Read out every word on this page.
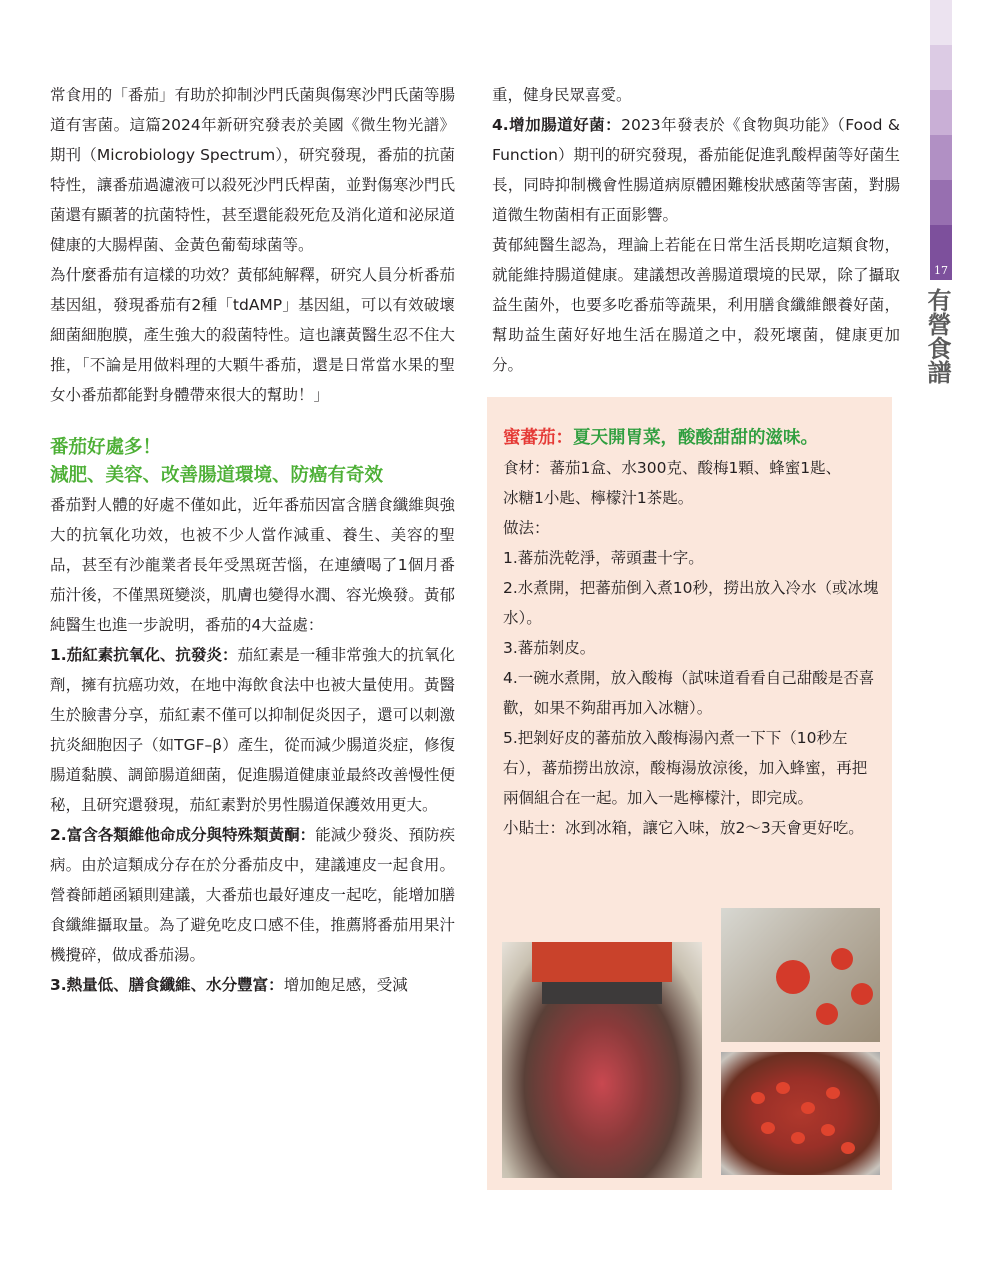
常食用的「番茄」有助於抑制沙門氏菌與傷寒沙門氏菌等腸道有害菌。這篇2024年新研究發表於美國《微生物光譜》期刊（Microbiology Spectrum），研究發現，番茄的抗菌特性，讓番茄過濾液可以殺死沙門氏桿菌，並對傷寒沙門氏菌還有顯著的抗菌特性，甚至還能殺死危及消化道和泌尿道健康的大腸桿菌、金黃色葡萄球菌等。

為什麼番茄有這樣的功效？黃郁純解釋，研究人員分析番茄基因組，發現番茄有2種「tdAMP」基因組，可以有效破壞細菌細胞膜，產生強大的殺菌特性。這也讓黃醫生忍不住大推，「不論是用做料理的大顆牛番茄，還是日常當水果的聖女小番茄都能對身體帶來很大的幫助！」

番茄好處多！
減肥、美容、改善腸道環境、防癌有奇效

番茄對人體的好處不僅如此，近年番茄因富含膳食纖維與強大的抗氧化功效，也被不少人當作減重、養生、美容的聖品，甚至有沙龍業者長年受黑斑苦惱，在連續喝了1個月番茄汁後，不僅黑斑變淡，肌膚也變得水潤、容光煥發。黃郁純醫生也進一步說明，番茄的4大益處：

1.茄紅素抗氧化、抗發炎：茄紅素是一種非常強大的抗氧化劑，擁有抗癌功效，在地中海飲食法中也被大量使用。黃醫生於臉書分享，茄紅素不僅可以抑制促炎因子，還可以刺激抗炎細胞因子（如TGF–β）產生，從而減少腸道炎症，修復腸道黏膜、調節腸道細菌，促進腸道健康並最終改善慢性便秘，且研究還發現，茄紅素對於男性腸道保護效用更大。

2.富含各類維他命成分與特殊類黃酮：能減少發炎、預防疾病。由於這類成分存在於分番茄皮中，建議連皮一起食用。營養師趙函穎則建議，大番茄也最好連皮一起吃，能增加膳食纖維攝取量。為了避免吃皮口感不佳，推薦將番茄用果汁機攪碎，做成番茄湯。

3.熱量低、膳食纖維、水分豐富：增加飽足感，受減

重，健身民眾喜愛。

4.增加腸道好菌：2023年發表於《食物與功能》（Food & Function）期刊的研究發現，番茄能促進乳酸桿菌等好菌生長，同時抑制機會性腸道病原體困難梭狀感菌等害菌，對腸道微生物菌相有正面影響。

黃郁純醫生認為，理論上若能在日常生活長期吃這類食物，就能維持腸道健康。建議想改善腸道環境的民眾，除了攝取益生菌外，也要多吃番茄等蔬果，利用膳食纖維餵養好菌，幫助益生菌好好地生活在腸道之中，殺死壞菌，健康更加分。

蜜蕃茄：夏天開胃菜，酸酸甜甜的滋味。

食材：蕃茄1盒、水300克、酸梅1顆、蜂蜜1匙、

冰糖1小匙、檸檬汁1茶匙。

做法：

1.蕃茄洗乾淨，蒂頭畫十字。

2.水煮開，把蕃茄倒入煮10秒，撈出放入冷水（或冰塊水）。

3.蕃茄剝皮。

4.一碗水煮開，放入酸梅（試味道看看自己甜酸是否喜歡，如果不夠甜再加入冰糖）。

5.把剝好皮的蕃茄放入酸梅湯內煮一下下（10秒左右），蕃茄撈出放涼，酸梅湯放涼後，加入蜂蜜，再把兩個組合在一起。加入一匙檸檬汁，即完成。

小貼士：冰到冰箱，讓它入味，放2～3天會更好吃。

17
有營食譜
